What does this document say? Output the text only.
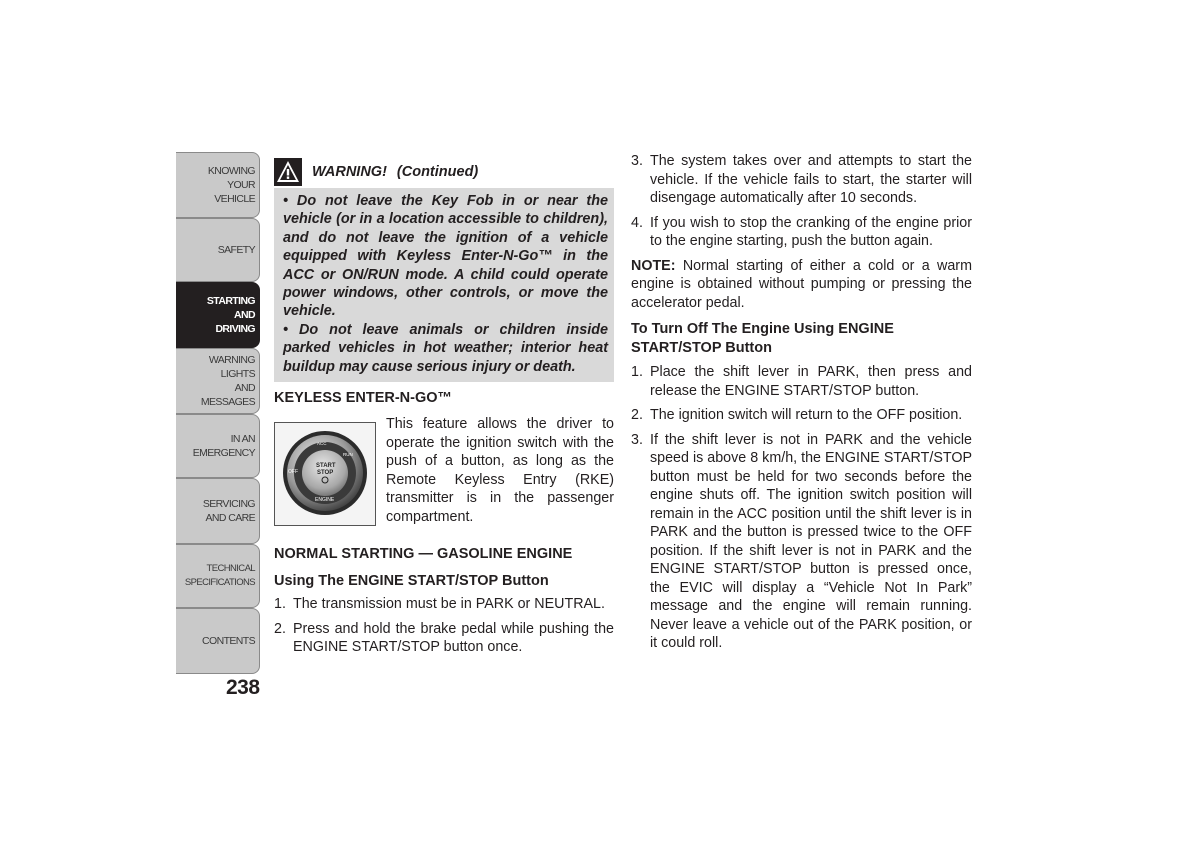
KNOWING
YOUR
VEHICLE
SAFETY
STARTING
AND
DRIVING
WARNING
LIGHTS
AND
MESSAGES
IN AN
EMERGENCY
SERVICING
AND CARE
TECHNICAL
SPECIFICATIONS
CONTENTS
238
WARNING! (Continued)

• Do not leave the Key Fob in or near the vehicle (or in a location accessible to children), and do not leave the ignition of a vehicle equipped with Keyless Enter-N-Go™ in the ACC or ON/RUN mode. A child could operate power windows, other controls, or move the vehicle.

• Do not leave animals or children inside parked vehicles in hot weather; interior heat buildup may cause serious injury or death.

KEYLESS ENTER-N-GO™
OFF
ACC
RUN
START
STOP
ENGINE
This feature allows the driver to operate the ignition switch with the push of a button, as long as the Remote Keyless Entry (RKE) transmitter is in the passenger compartment.
NORMAL STARTING — GASOLINE ENGINE
Using The ENGINE START/STOP Button
1. The transmission must be in PARK or NEUTRAL.
2. Press and hold the brake pedal while pushing the ENGINE START/STOP button once.
3. The system takes over and attempts to start the vehicle. If the vehicle fails to start, the starter will disengage automatically after 10 seconds.
4. If you wish to stop the cranking of the engine prior to the engine starting, push the button again.

NOTE: Normal starting of either a cold or a warm engine is obtained without pumping or pressing the accelerator pedal.

To Turn Off The Engine Using ENGINE START/STOP Button
1. Place the shift lever in PARK, then press and release the ENGINE START/STOP button.
2. The ignition switch will return to the OFF position.
3. If the shift lever is not in PARK and the vehicle speed is above 8 km/h, the ENGINE START/STOP button must be held for two seconds before the engine shuts off. The ignition switch position will remain in the ACC position until the shift lever is in PARK and the button is pressed twice to the OFF position. If the shift lever is not in PARK and the ENGINE START/STOP button is pressed once, the EVIC will display a “Vehicle Not In Park” message and the engine will remain running. Never leave a vehicle out of the PARK position, or it could roll.
